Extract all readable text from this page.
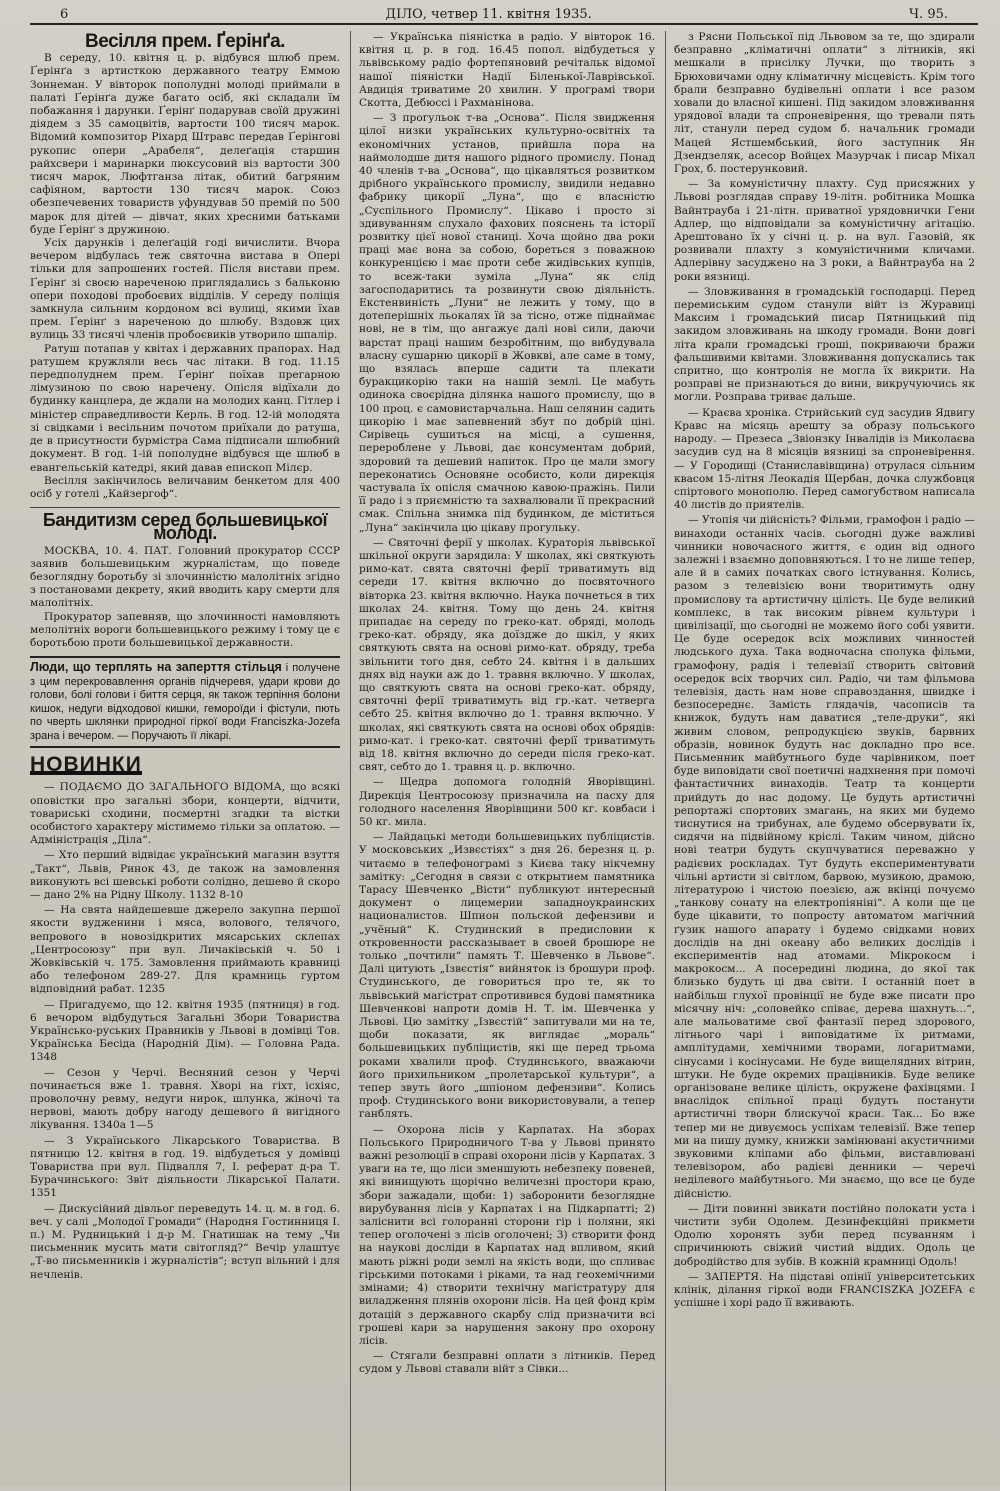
6	ДІЛО, четвер 11. квітня 1935.	Ч. 95.
Весілля прем. Ґерінґа.

В середу, 10. квітня ц. р. відбувся шлюб прем. Ґерінґа з артисткою державного театру Еммою Зоннеман. У вівторок пополудні молоді приймали в палаті Ґерінґа дуже багато осіб, які складали їм побажання і дарунки. Ґерінґ подарував своїй дружині діядем з 35 самоцвітів, вартости 100 тисяч марок. Відомий композитор Ріхард Штравс передав Ґерінгові рукопис опери „Арабеля“, делеґація старшин райхсвери і маринарки люксусовий віз вартости 300 тисяч марок, Люфтганза літак, обитий багряним сафіяном, вартости 130 тисяч марок. Союз обезпечевених товариств уфундував 50 премій по 500 марок для дітей — дівчат, яких хресними батьками буде Ґерінґ з дружиною.

Усіх дарунків і делеґацій годі вичислити. Вчора вечером відбулась теж святочна вистава в Опері тільки для запрошених гостей. Після вистави прем. Ґерінґ зі своєю нареченою приглядались з бальконю опери походові пробоєвих відділів. У середу поліція замкнула сильним кордоном всі вулиці, якими їхав прем. Ґерінґ з нареченою до шлюбу. Вздовж цих вулиць 33 тисячі членів пробоєвиків утворило шпалір.

Ратуш потапав у квітах і державних прапорах. Над ратушем кружляли весь час літаки. В год. 11.15 передполуднем прем. Ґерінґ поїхав прегарною лімузиною по свою наречену. Опісля відїхали до будинку канцлера, де ждали на молодих канц. Гітлер і міністер справедливости Керль. В год. 12-ій молодята зі свідками і весільним почотом приїхали до ратуша, де в присутности бурмістра Сама підписали шлюбний документ. В год. 1-ій пополудне відбувся ще шлюб в евангельській катедрі, який давав епископ Мілєр.

Весілля закінчилось величавим бенкетом для 400 осіб у готелі „Кайзергоф“.

Бандитизм серед большевицької молоді.

МОСКВА, 10. 4. ПАТ. Головний прокуратор СССР заявив большевицьким журналістам, що поведе безоглядну боротьбу зі злочинністю малолітніх згідно з постановами декрету, який вводить кару смерти для малолітніх.

Прокуратор запевняв, що злочинності намовляють мелолітніх вороги большевицького режиму і тому це є боротьбою проти большевицької державности.

Люди, що терплять на заперття стільця і получене з цим перекровавлення органів підчеревя, удари крови до голови, болі голови і биття серця, як також терпіння болони кишок, недуги відходової кишки, гемороїди і фістули, пють по чверть шклянки природної гіркої води Franciszka-Jozefa зрана і вечером. — Поручають її лікарі.
НОВИНКИ

— ПОДАЄМО ДО ЗАГАЛЬНОГО ВІДОМА, що всякі оповістки про загальні збори, концерти, відчити, товариські сходини, посмертні згадки та вістки особистого характеру містимемо тільки за оплатою. — Адміністрація „Діла“.

— Хто перший відвідає український магазин взуття „Такт“, Львів, Ринок 43, де також на замовлення виконують всі шевські роботи солідно, дешево й скоро — дано 2% на Рідну Школу. 1132 8-10

— На свята найдешевше джерело закупна першої якости вудженини і мяса, волового, телячого, вепрового в новозідкритих мясарських склепах „Центросоюзу“ при вул. Личаківській ч. 50 і Жовківській ч. 175. Замовлення приймають кравниці або телефоном 289-27. Для крамниць гуртом відповідний рабат. 1235

— Пригадуємо, що 12. квітня 1935 (пятниця) в год. 6 вечором відбудуться Загальні Збори Товариства Українсько-руських Правників у Львові в домівці Тов. Українська Бесіда (Народній Дім). — Головна Рада. 1348

— Сезон у Черчі. Весняний сезон у Черчі починається вже 1. травня. Хворі на гіхт, ісхіяс, проволочну ревму, недуги нирок, шлунка, жіночі та нервові, мають добру нагоду дешевого й вигідного лікування. 1340а 1—5

— З Українського Лікарського Товариства. В пятницю 12. квітня в год. 19. відбудеться у домівці Товариства при вул. Підвалля 7, І. реферат д-ра Т. Бурачинського: Звіт діяльности Лікарської Палати. 1351

— Дискусійний дівльог переведуть 14. ц. м. в год. 6. веч. у салі „Молодої Громади“ (Народня Гостинниця І. п.) М. Рудницький і д-р М. Гнатишак на тему „Чи письменник мусить мати світогляд?“ Вечір улаштує „Т-во письменників і журналістів“; вступ вільний і для нечленів.

— Українська піяністка в радіо. У вівторок 16. квітня ц. р. в год. 16.45 попол. відбудеться у львівському радіо фортепяновий речітальк відомої нашої піяністки Надії Біленької-Лаврівської. Авдиція триватиме 20 хвилин. У програмі твори Скотта, Дебюссі і Рахманінова.

— З прогульок т-ва „Основа“. Після звидження цілої низки українських культурно-освітніх та економічних установ, прийшла пора на наймолодше дитя нашого рідного промислу. Понад 40 членів т-ва „Основа“, що цікавляться розвитком дрібного українського промислу, звидили недавно фабрику цикорії „Луна“, що є власністю „Суспільного Промислу“. Цікаво і просто зі здивуванням слухало фахових пояснень та історії розвитку цієї нової станиці. Хоча щойно два роки праці має вона за собою, бореться з поважною конкуренцією і має проти себе жидівських купців, то всеж-таки зуміла „Луна“ як слід загосподаритись та розвинути свою діяльність. Екстенвиність „Луни“ не лежить у тому, що в дотеперішніх льокалях їй за тісно, отже піднаймає нові, не в тім, що ангажує далі нові сили, даючи варстат праці нашим безробітним, що вибудувала власну сушарню цикорії в Жовкві, але саме в тому, що взялась вперше садити та плекати буракцикорію таки на нашій землі. Це мабуть одинока своєрідна ділянка нашого промислу, що в 100 проц. є самовистарчальна. Наш селянин садить цикорію і має запевнений збут по добрій ціні. Сирівець сушиться на місці, а сушення, перероблене у Львові, дає консументам добрий, здоровий та дешевий напиток. Про це мали змогу переконатись Основяне особисто, коли дирекція частувала їх опісля смачною кавою-пражінь. Пили її радо і з приємністю та захвалювали її прекрасний смак. Спільна знимка під будинком, де міститься „Луна“ закінчила цю цікаву прогульку.

— Святочні ферії у школах. Кураторія львівської шкільної округи зарядила: У школах, які святкують римо-кат. свята святочні ферії триватимуть від середи 17. квітня включно до посвяточного вівторка 23. квітня включно. Наука почнеться в тих школах 24. квітня. Тому що день 24. квітня припадає на середу по греко-кат. обряді, молодь греко-кат. обряду, яка доїздже до шкіл, у яких святкують свята на основі римо-кат. обряду, треба звільнити того дня, себто 24. квітня і в дальших днях від науки аж до 1. травня включно. У школах, що святкують свята на основі греко-кат. обряду, святочні ферії триватимуть від гр.-кат. четверга себто 25. квітня включно до 1. травня включно. У школах, які святкують свята на основі обох обрядів: римо-кат. і греко-кат. святочні ферії триватимуть від 18. квітня включно до середи після греко-кат. свят, себто до 1. травня ц. р. включно.

— Щедра допомога голодній Яворівщині. Дирекція Центросоюзу призначила на пасху для голодного населення Яворівщини 500 кг. ковбаси і 50 кг. мила.

— Лайдацькі методи большевицьких публіцистів. У московських „Извєстіях“ з дня 26. березня ц. р. читаємо в телефонограмі з Києва таку нікчемну замітку: „Сегодня в связи с открытием памятника Тарасу Шевченко „Вісти“ публикуют интересный документ о лицемерии западноукраинских националистов. Шпион польской дефензиви и „учёный“ К. Студинский в предисловии к откровенности рассказывает в своей брошюре не только „почтили“ память Т. Шевченко в Львове“. Далі цитують „Ізвєстія“ вийняток із брошури проф. Студинського, де говориться про те, як то львівський магістрат спротивився будові памятника Шевченкові напроти домів Н. Т. ім. Шевченка у Львові. Цю замітку „Ізвєстій“ запитували ми на те, щоби показати, як виглядає „мораль“ большевицьких публіцистів, які ще перед трьома роками хвалили проф. Студинського, вважаючи його прихильником „пролетарської культури“, а тепер звуть його „шпіоном дефензиви“. Колись проф. Студинського вони використовували, а тепер ганблять.

— Охорона лісів у Карпатах. На зборах Польського Природничого Т-ва у Львові принято важні резолюції в справі охорони лісів у Карпатах. З уваги на те, що ліси зменшують небезпеку повеней, які винищують щорічно величезні простори краю, збори зажадали, щоби: 1) заборонити безоглядне вирубування лісів у Карпатах і на Підкарпатті; 2) заліснити всі голоранні сторони гір і поляни, які тепер оголочені з лісів оголочені; 3) створити фонд на наукові досліди в Карпатах над впливом, який мають ріжні роди землі на якість води, що спливає гірськими потоками і ріками, та над геохемічними змінами; 4) створити технічну магістратуру для виладження плянів охорони лісів. На цей фонд крім дотацій з державного скарбу слід призначити всі грошеві кари за нарушення закону про охорону лісів.

— Стягали безправні оплати з літників. Перед судом у Львові ставали війт з Сівки...

з Рясни Польської під Львовом за те, що здирали безправно „кліматичні оплати“ з літників, які мешкали в присілку Лучки, що творить з Брюховичами одну кліматичну місцевість. Крім того брали безправно будівельні оплати і все разом ховали до власної кишені. Під закидом зловживання урядової влади та спроневірення, що тревали пять літ, станули перед судом б. начальник громади Мацей Ястшембський, його заступник Ян Дзендзеляк, асесор Войцех Мазурчак і писар Міхал Грох, б. постерунковий.

— За комуністичну плахту. Суд присяжних у Львові розглядав справу 19-літн. робітника Мошка Вайнтрауба і 21-літн. приватної урядовнички Гени Адлер, що відповідали за комуністичну агітацію. Арештовано їх у січні ц. р. на вул. Газовій, як розвивали плахту з комуністичними кличами. Адлерівну засуджено на 3 роки, а Вайнтрауба на 2 роки вязниці.

— Зловживання в громадській господарці. Перед перемиським судом станули війт із Журавиці Максим і громадський писар Пятницький під закидом зловживань на шкоду громади. Вони довгі літа крали громадські гроші, покриваючи бражи фальшивими квітами. Зловживання допускались так спритно, що контролія не могла їх викрити. На розправі не признаються до вини, викручуючись як могли. Розправа триває дальше.

— Краєва хроніка. Стрийський суд засудив Ядвигу Кравс на місяць арешту за образу польського народу. — Презеса „Звіонзку Інвалідів із Миколаєва засудив суд на 8 місяців вязниці за спроневірення. — У Городищі (Станиславівщина) отрулася сільним квасом 15-літня Леокадія Щербан, дочка службовця спіртового монополю. Перед самогубством написала 40 листів до приятелів.

— Утопія чи дійсність? Фільми, грамофон і радіо — винаходи останніх часів. сьогодні дуже важливі чинники новочасного життя, є один від одного залежні і взаємно доповняються. І то не лише тепер, але й в самих початках свого істнування. Колись, разом з телевізією вони творитимуть одну промислову та артистичну цілість. Це буде великий комплекс, в так високим рівнем культури і цивілізації, що сьогодні не можемо його собі уявити. Це буде осередок всіх можливих чинностей людського духа. Така водночасна сполука фільми, грамофону, радія і телевізії створить світовий осередок всіх творчих сил. Радіо, чи там фільмова телевізія, дасть нам нове справоздання, швидке і безпосереднє. Замість глядачів, часописів та книжок, будуть нам даватися „теле-друки“, які живим словом, репродукцією звуків, барвних образів, новинок будуть нас докладно про все. Письменник майбутнього буде чарівником, поет буде виповідати свої поетичні надхнення при помочі фантастичних винаходів. Театр та концерти прийдуть до нас додому. Це будуть артистичні репортажі спортових змагань, на яких ми будемо тиснутися на трибунах, але будемо обсервувати їх, сидячи на підвійному кріслі. Таким чином, дійсно нові театри будуть скупчуватися переважно у радієвих роскладах. Тут будуть експериментувати чільні артисти зі світлом, барвою, музикою, драмою, літературою і чистою поезією, аж вкінці почуємо „танкову сонату на електропіяніні“. А коли ще це буде цікавити, то попросту автоматом магічний ґузик нашого апарату і будемо свідками нових дослідів на дні океану або великих дослідів і експериментів над атомами. Мікрокосм і макрокосм... А посередині людина, до якої так близько будуть ці два світи. І останній поет в найбільш глухої провінції не буде вже писати про місячну ніч: „соловейко співає, дерева шахнуть...“, але мальоватиме свої фантазії перед здорового, літнього чарі і виповідатиме їх ритмами, амплітудами, хемічними творами, логаритмами, сінусами і косінусами. Не буде вищелядних вітрин, штуки. Не буде окремих працівників. Буде велике організоване велике цілість, окружене фахівцями. І внаслідок спільної праці будуть постанути артистичні твори блискучої краси. Так... Бо вже тепер ми не дивуємось успіхам телевізії. Вже тепер ми на пишу думку, книжки замінювані акустичними звуковими кліпами або фільми, виставлювані телевізором, або радієві денники — черечі неділевого майбутнього. Ми знаємо, що все це буде дійсністю.

— Діти повинні звикати постійно полокати уста і чистити зуби Одолем. Дезинфекційні прикмети Одолю хоронять зуби перед псуванням і спричинюють свіжий чистий віддих. Одоль це добродійство для зубів. В кожній крамниці Одоль!

— ЗАПЕРТЯ. На підставі опінії університетських клінік, ділання гіркої води FRANCISZKA JOZEFA є успішне і хорі радо її вживають.
